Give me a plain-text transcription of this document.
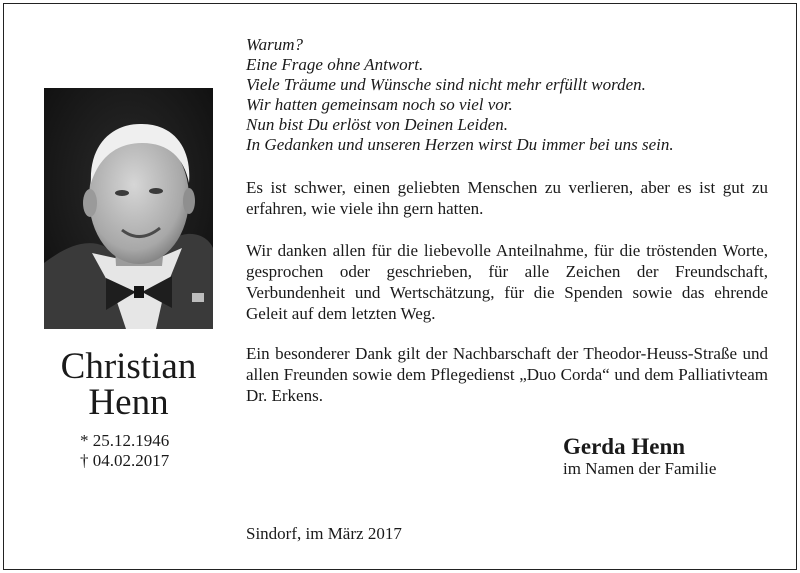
Christian
Henn
* 25.12.1946
† 04.02.2017
Warum?
Eine Frage ohne Antwort.
Viele Träume und Wünsche sind nicht mehr erfüllt worden.
Wir hatten gemeinsam noch so viel vor.
Nun bist Du erlöst von Deinen Leiden.
In Gedanken und unseren Herzen wirst Du immer bei uns sein.
Es ist schwer, einen geliebten Menschen zu verlieren, aber es ist gut zu erfahren, wie viele ihn gern hatten.
Wir danken allen für die liebevolle Anteilnahme, für die tröstenden Worte, gesprochen oder geschrieben, für alle Zeichen der Freundschaft, Verbundenheit und Wertschätzung, für die Spenden sowie das ehrende Geleit auf dem letzten Weg.
Ein besonderer Dank gilt der Nachbarschaft der Theodor-Heuss-Straße und allen Freunden sowie dem Pflegedienst „Duo Corda“ und dem Palliativteam Dr. Erkens.
Gerda Henn
im Namen der Familie
Sindorf, im März 2017
